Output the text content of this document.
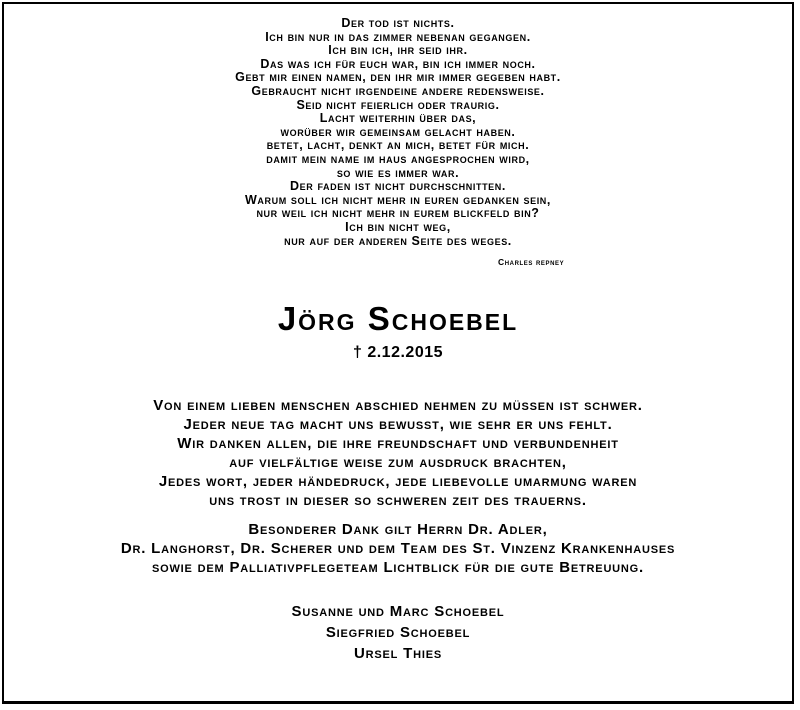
Der tod ist nichts.
Ich bin nur in das zimmer nebenan gegangen.
Ich bin ich, ihr seid ihr.
Das was ich für euch war, bin ich immer noch.
Gebt mir einen namen, den ihr mir immer gegeben habt.
Gebraucht nicht irgendeine andere redensweise.
Seid nicht feierlich oder traurig.
Lacht weiterhin über das,
worüber wir gemeinsam gelacht haben.
betet, lacht, denkt an mich, betet für mich.
damit mein name im haus angesprochen wird,
so wie es immer war.
Der faden ist nicht durchschnitten.
Warum soll ich nicht mehr in euren gedanken sein,
nur weil ich nicht mehr in eurem blickfeld bin?
Ich bin nicht weg,
nur auf der anderen Seite des weges.
Charles repney
Jörg Schoebel
† 2.12.2015
Von einem lieben menschen abschied nehmen zu müssen ist schwer.
Jeder neue tag macht uns bewusst, wie sehr er uns fehlt.
Wir danken allen, die ihre freundschaft und verbundenheit
auf vielfältige weise zum ausdruck brachten,
Jedes wort, jeder händedruck, jede liebevolle umarmung waren
uns trost in dieser so schweren zeit des trauerns.
Besonderer Dank gilt Herrn Dr. Adler,
Dr. Langhorst, Dr. Scherer und dem Team des St. Vinzenz Krankenhauses
sowie dem Palliativpflegeteam Lichtblick für die gute Betreuung.
Susanne und Marc Schoebel
Siegfried Schoebel
Ursel Thies
